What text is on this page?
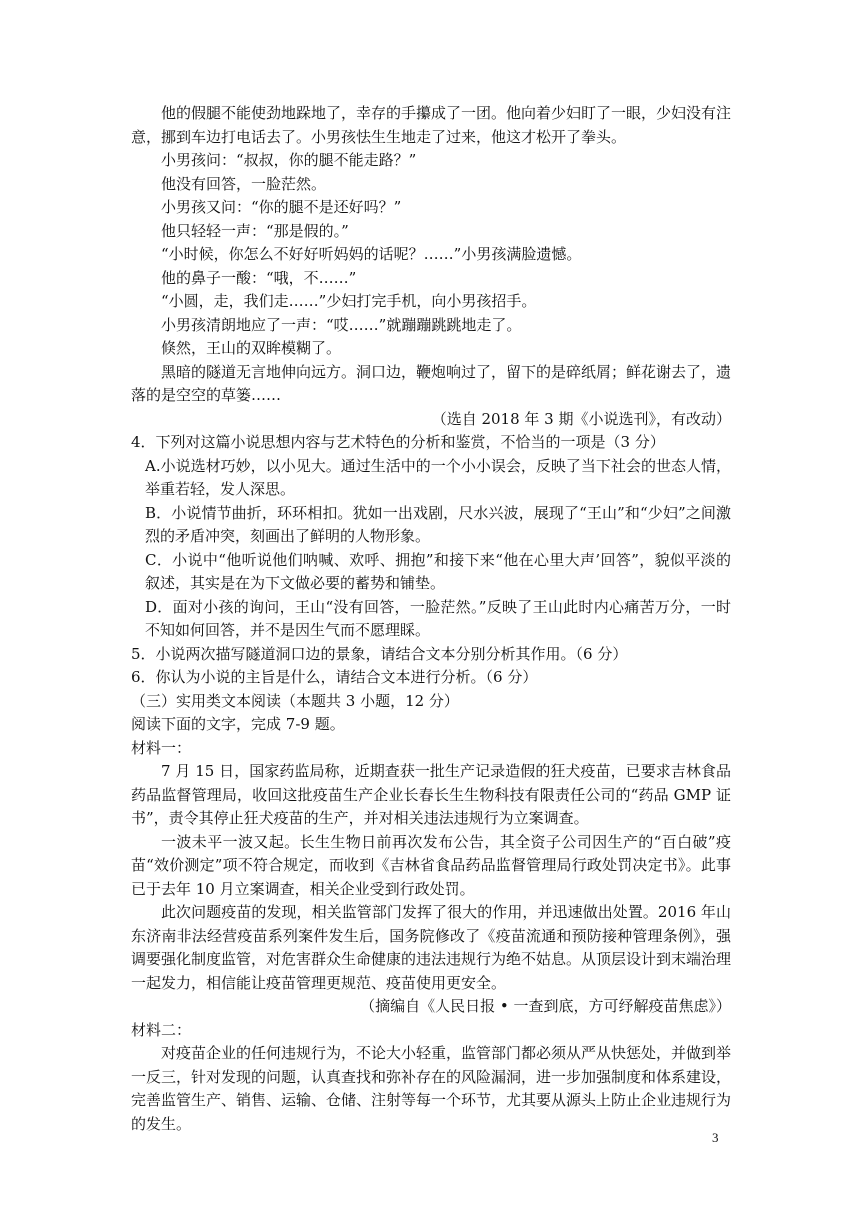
他的假腿不能使劲地跺地了，幸存的手攥成了一团。他向着少妇盯了一眼，少妇没有注意，挪到车边打电话去了。小男孩怯生生地走了过来，他这才松开了拳头。

小男孩问：“叔叔，你的腿不能走路？”

他没有回答，一脸茫然。

小男孩又问：“你的腿不是还好吗？”

他只轻轻一声：“那是假的。”

“小时候，你怎么不好好听妈妈的话呢？……”小男孩满脸遗憾。

他的鼻子一酸：“哦，不……”

“小圆，走，我们走……”少妇打完手机，向小男孩招手。

小男孩清朗地应了一声：“哎……”就蹦蹦跳跳地走了。

倏然，王山的双眸模糊了。

黑暗的隧道无言地伸向远方。洞口边，鞭炮响过了，留下的是碎纸屑；鲜花谢去了，遗落的是空空的草篓……

（选自 2018 年 3 期《小说选刊》，有改动）

4．下列对这篇小说思想内容与艺术特色的分析和鉴赏，不恰当的一项是（3 分）

A.小说选材巧妙，以小见大。通过生活中的一个小小误会，反映了当下社会的世态人情，举重若轻，发人深思。

B．小说情节曲折，环环相扣。犹如一出戏剧，尺水兴波，展现了“王山”和“少妇”之间激烈的矛盾冲突，刻画出了鲜明的人物形象。

C．小说中“他听说他们呐喊、欢呼、拥抱”和接下来“他在心里大声’回答”，貌似平淡的叙述，其实是在为下文做必要的蓄势和铺垫。

D．面对小孩的询问，王山“没有回答，一脸茫然。”反映了王山此时内心痛苦万分，一时不知如何回答，并不是因生气而不愿理睬。

5．小说两次描写隧道洞口边的景象，请结合文本分别分析其作用。（6 分）

6．你认为小说的主旨是什么，请结合文本进行分析。（6 分）

（三）实用类文本阅读（本题共 3 小题，12 分）

阅读下面的文字，完成 7-9 题。

材料一：

7 月 15 日，国家药监局称，近期查获一批生产记录造假的狂犬疫苗，已要求吉林食品药品监督管理局，收回这批疫苗生产企业长春长生生物科技有限责任公司的“药品 GMP 证书”，责令其停止狂犬疫苗的生产，并对相关违法违规行为立案调查。

一波未平一波又起。长生生物日前再次发布公告，其全资子公司因生产的“百白破”疫苗“效价测定”项不符合规定，而收到《吉林省食品药品监督管理局行政处罚决定书》。此事已于去年 10 月立案调查，相关企业受到行政处罚。

此次问题疫苗的发现，相关监管部门发挥了很大的作用，并迅速做出处置。2016 年山东济南非法经营疫苗系列案件发生后，国务院修改了《疫苗流通和预防接种管理条例》，强调要强化制度监管，对危害群众生命健康的违法违规行为绝不姑息。从顶层设计到末端治理一起发力，相信能让疫苗管理更规范、疫苗使用更安全。

（摘编自《人民日报 • 一查到底，方可纾解疫苗焦虑》）

材料二：

对疫苗企业的任何违规行为，不论大小轻重，监管部门都必须从严从快惩处，并做到举一反三，针对发现的问题，认真查找和弥补存在的风险漏洞，进一步加强制度和体系建设，完善监管生产、销售、运输、仓储、注射等每一个环节，尤其要从源头上防止企业违规行为的发生。

3
